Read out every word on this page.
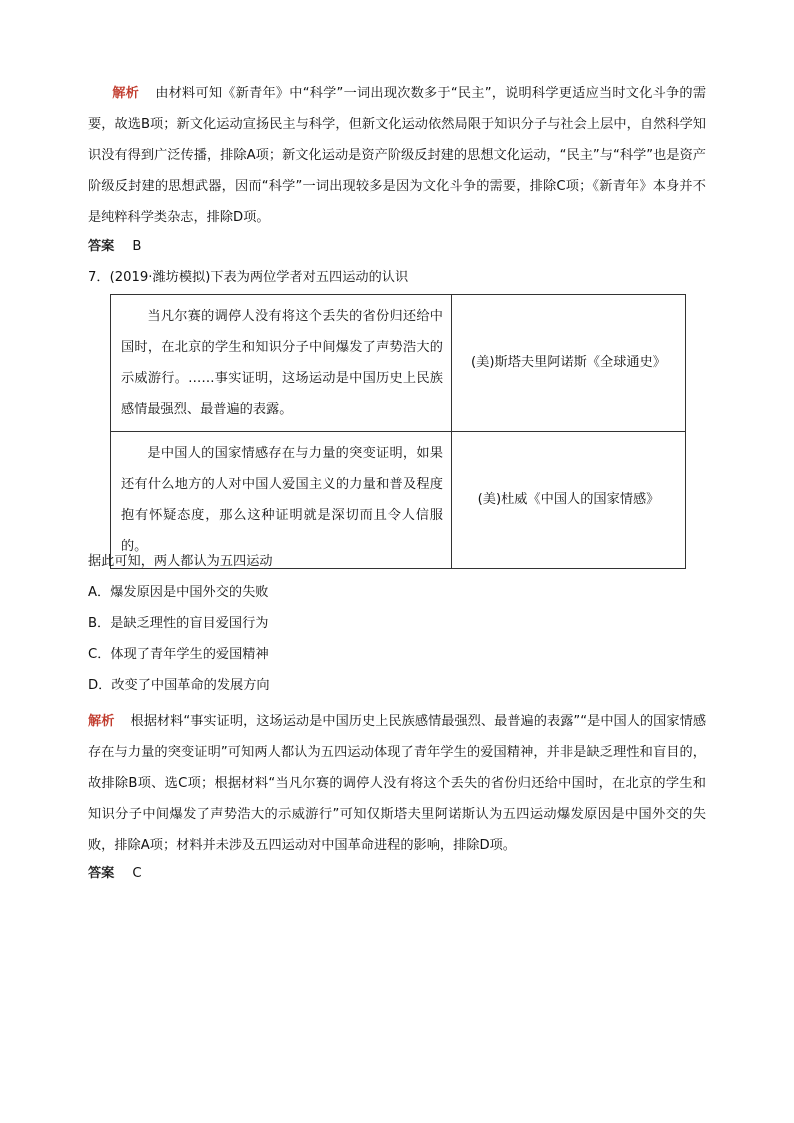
解析 由材料可知《新青年》中“科学”一词出现次数多于“民主”，说明科学更适应当时文化斗争的需要，故选B项；新文化运动宣扬民主与科学，但新文化运动依然局限于知识分子与社会上层中，自然科学知识没有得到广泛传播，排除A项；新文化运动是资产阶级反封建的思想文化运动，“民主”与“科学”也是资产阶级反封建的思想武器，因而“科学”一词出现较多是因为文化斗争的需要，排除C项；《新青年》本身并不是纯粹科学类杂志，排除D项。

答案 B
7．(2019·潍坊模拟)下表为两位学者对五四运动的认识
当凡尔赛的调停人没有将这个丢失的省份归还给中国时，在北京的学生和知识分子中间爆发了声势浩大的示威游行。……事实证明，这场运动是中国历史上民族感情最强烈、最普遍的表露。	(美)斯塔夫里阿诺斯《全球通史》
是中国人的国家情感存在与力量的突变证明，如果还有什么地方的人对中国人爱国主义的力量和普及程度抱有怀疑态度，那么这种证明就是深切而且令人信服的。	(美)杜威《中国人的国家情感》
据此可知，两人都认为五四运动
A．爆发原因是中国外交的失败
B．是缺乏理性的盲目爱国行为
C．体现了青年学生的爱国精神
D．改变了中国革命的发展方向

解析 根据材料“事实证明，这场运动是中国历史上民族感情最强烈、最普遍的表露”“是中国人的国家情感存在与力量的突变证明”可知两人都认为五四运动体现了青年学生的爱国精神，并非是缺乏理性和盲目的，故排除B项、选C项；根据材料“当凡尔赛的调停人没有将这个丢失的省份归还给中国时，在北京的学生和知识分子中间爆发了声势浩大的示威游行”可知仅斯塔夫里阿诺斯认为五四运动爆发原因是中国外交的失败，排除A项；材料并未涉及五四运动对中国革命进程的影响，排除D项。

答案 C
